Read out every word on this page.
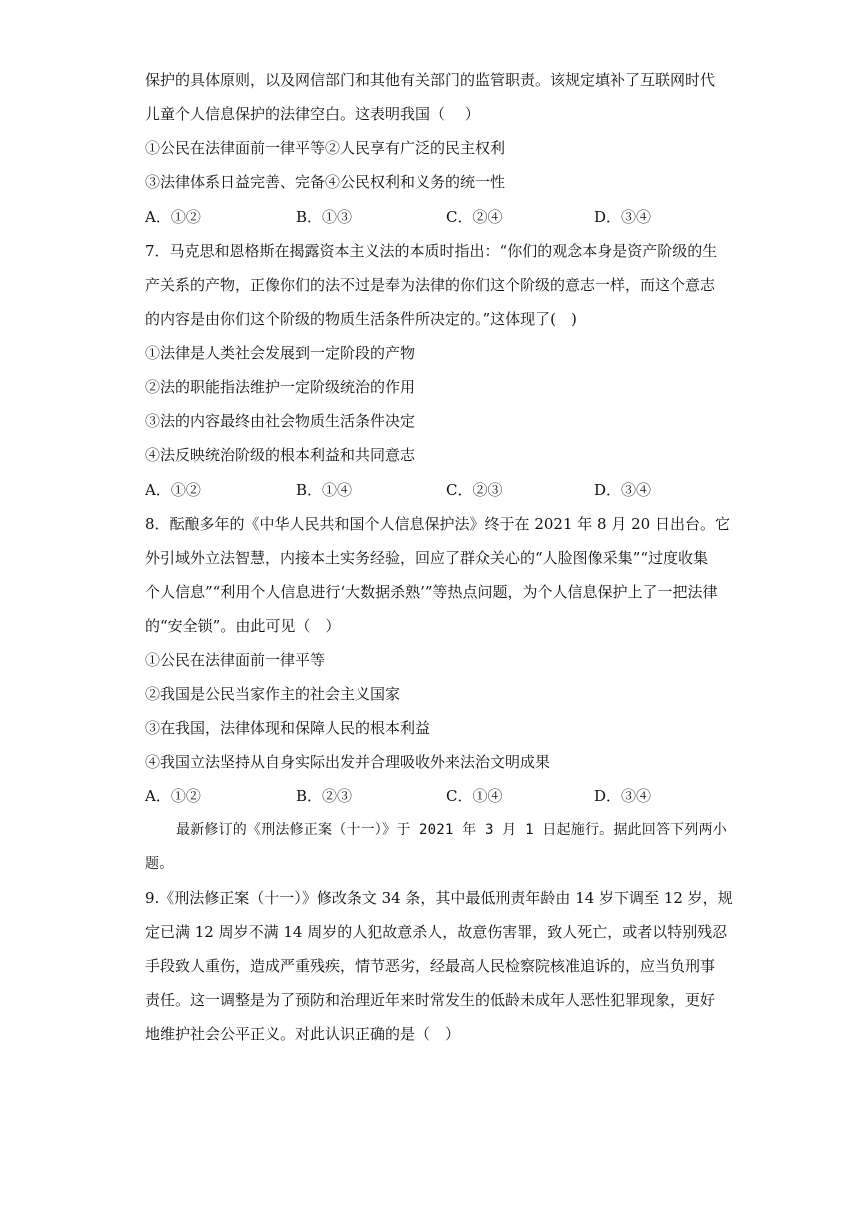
保护的具体原则，以及网信部门和其他有关部门的监管职责。该规定填补了互联网时代
儿童个人信息保护的法律空白。这表明我国（　 ）
①公民在法律面前一律平等②人民享有广泛的民主权利
③法律体系日益完善、完备④公民权利和义务的统一性
A．①②	B．①③	C．②④	D．③④
7．马克思和恩格斯在揭露资本主义法的本质时指出：“你们的观念本身是资产阶级的生
产关系的产物，正像你们的法不过是奉为法律的你们这个阶级的意志一样，而这个意志
的内容是由你们这个阶级的物质生活条件所决定的。”这体现了(　)
①法律是人类社会发展到一定阶段的产物
②法的职能指法维护一定阶级统治的作用
③法的内容最终由社会物质生活条件决定
④法反映统治阶级的根本利益和共同意志
A．①②	B．①④	C．②③	D．③④
8．酝酿多年的《中华人民共和国个人信息保护法》终于在 2021 年 8 月 20 日出台。它
外引域外立法智慧，内接本土实务经验，回应了群众关心的“人脸图像采集”“过度收集
个人信息”“利用个人信息进行‘大数据杀熟’”等热点问题，为个人信息保护上了一把法律
的“安全锁”。由此可见（　）
①公民在法律面前一律平等
②我国是公民当家作主的社会主义国家
③在我国，法律体现和保障人民的根本利益
④我国立法坚持从自身实际出发并合理吸收外来法治文明成果
A．①②	B．②③	C．①④	D．③④
最新修订的《刑法修正案（十一）》于 2021 年 3 月 1 日起施行。据此回答下列两小
题。
9.《刑法修正案（十一）》修改条文 34 条，其中最低刑责年龄由 14 岁下调至 12 岁，规
定已满 12 周岁不满 14 周岁的人犯故意杀人，故意伤害罪，致人死亡，或者以特别残忍
手段致人重伤，造成严重残疾，情节恶劣，经最高人民检察院核准追诉的，应当负刑事
责任。这一调整是为了预防和治理近年来时常发生的低龄未成年人恶性犯罪现象，更好
地维护社会公平正义。对此认识正确的是（　）
